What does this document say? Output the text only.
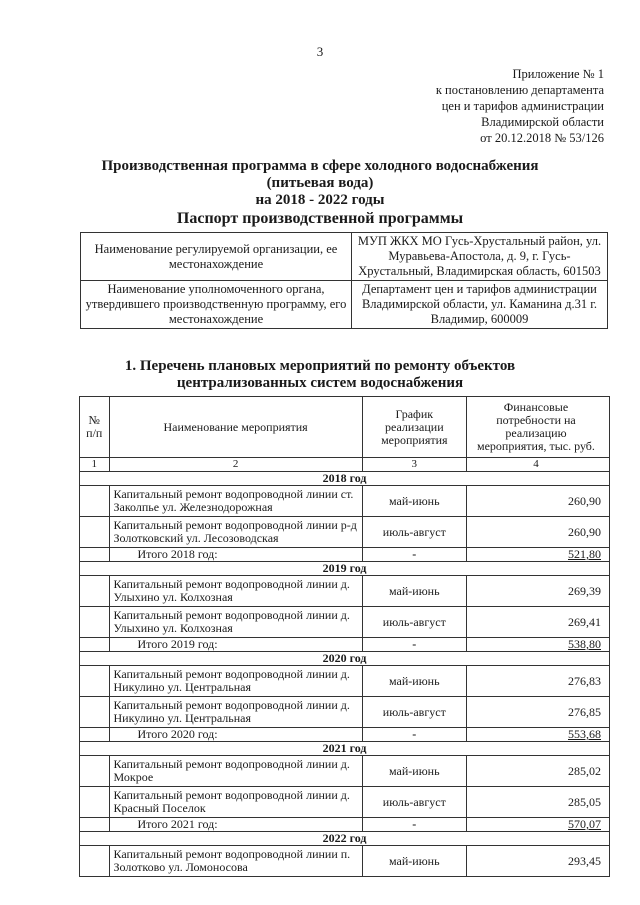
3
Приложение № 1
к постановлению департамента
цен и тарифов администрации
Владимирской области
от 20.12.2018 № 53/126
Производственная программа в сфере холодного водоснабжения
(питьевая вода)
на 2018 - 2022 годы
Паспорт производственной программы
Наименование регулируемой организации, ее местонахождение	МУП ЖКХ МО Гусь-Хрустальный район, ул. Муравьева-Апостола, д. 9, г. Гусь-Хрустальный, Владимирская область, 601503
Наименование уполномоченного органа, утвердившего производственную программу, его местонахождение	Департамент цен и тарифов администрации Владимирской области, ул. Каманина д.31 г. Владимир, 600009
1. Перечень плановых мероприятий по ремонту объектов
централизованных систем водоснабжения
№ п/п	Наименование мероприятия	График реализации мероприятия	Финансовые потребности на реализацию мероприятия, тыс. руб.
1	2	3	4
2018 год			
	Капитальный ремонт водопроводной линии ст. Заколпье ул. Железнодорожная	май-июнь	260,90
	Капитальный ремонт водопроводной линии р-д Золотковский ул. Лесозоводская	июль-август	260,90
	Итого 2018 год:	-	521,80
2019 год			
	Капитальный ремонт водопроводной линии д. Улыхино ул. Колхозная	май-июнь	269,39
	Капитальный ремонт водопроводной линии д. Улыхино ул. Колхозная	июль-август	269,41
	Итого 2019 год:	-	538,80
2020 год			
	Капитальный ремонт водопроводной линии д. Никулино ул. Центральная	май-июнь	276,83
	Капитальный ремонт водопроводной линии д. Никулино ул. Центральная	июль-август	276,85
	Итого 2020 год:	-	553,68
2021 год			
	Капитальный ремонт водопроводной линии д. Мокрое	май-июнь	285,02
	Капитальный ремонт водопроводной линии д. Красный Поселок	июль-август	285,05
	Итого 2021 год:	-	570,07
2022 год			
	Капитальный ремонт водопроводной линии п. Золотково ул. Ломоносова	май-июнь	293,45
